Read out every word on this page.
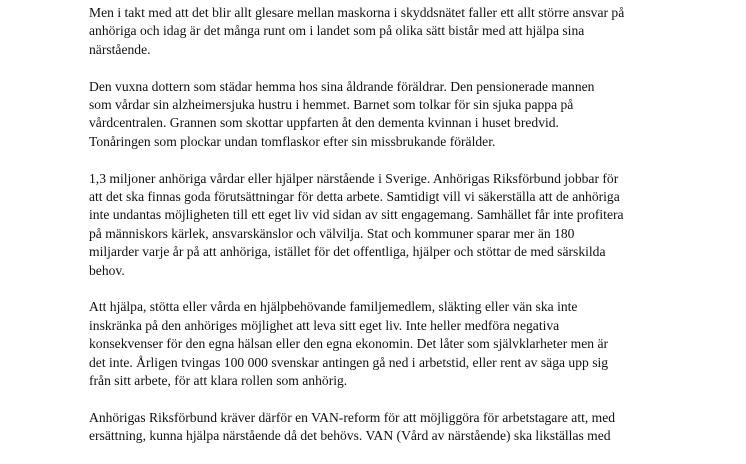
Men i takt med att det blir allt glesare mellan maskorna i skyddsnätet faller ett allt större ansvar på
anhöriga och idag är det många runt om i landet som på olika sätt bistår med att hjälpa sina
närstående.

Den vuxna dottern som städar hemma hos sina åldrande föräldrar. Den pensionerade mannen
som vårdar sin alzheimersjuka hustru i hemmet. Barnet som tolkar för sin sjuka pappa på
vårdcentralen. Grannen som skottar uppfarten åt den dementa kvinnan i huset bredvid.
Tonåringen som plockar undan tomflaskor efter sin missbrukande förälder.

1,3 miljoner anhöriga vårdar eller hjälper närstående i Sverige. Anhörigas Riksförbund jobbar för
att det ska finnas goda förutsättningar för detta arbete. Samtidigt vill vi säkerställa att de anhöriga
inte undantas möjligheten till ett eget liv vid sidan av sitt engagemang. Samhället får inte profitera
på människors kärlek, ansvarskänslor och välvilja. Stat och kommuner sparar mer än 180
miljarder varje år på att anhöriga, istället för det offentliga, hjälper och stöttar de med särskilda
behov.

Att hjälpa, stötta eller vårda en hjälpbehövande familjemedlem, släkting eller vän ska inte
inskränka på den anhöriges möjlighet att leva sitt eget liv. Inte heller medföra negativa
konsekvenser för den egna hälsan eller den egna ekonomin. Det låter som självklarheter men är
det inte. Årligen tvingas 100 000 svenskar antingen gå ned i arbetstid, eller rent av säga upp sig
från sitt arbete, för att klara rollen som anhörig.

Anhörigas Riksförbund kräver därför en VAN-reform för att möjliggöra för arbetstagare att, med
ersättning, kunna hjälpa närstående då det behövs. VAN (Vård av närstående) ska likställas med
